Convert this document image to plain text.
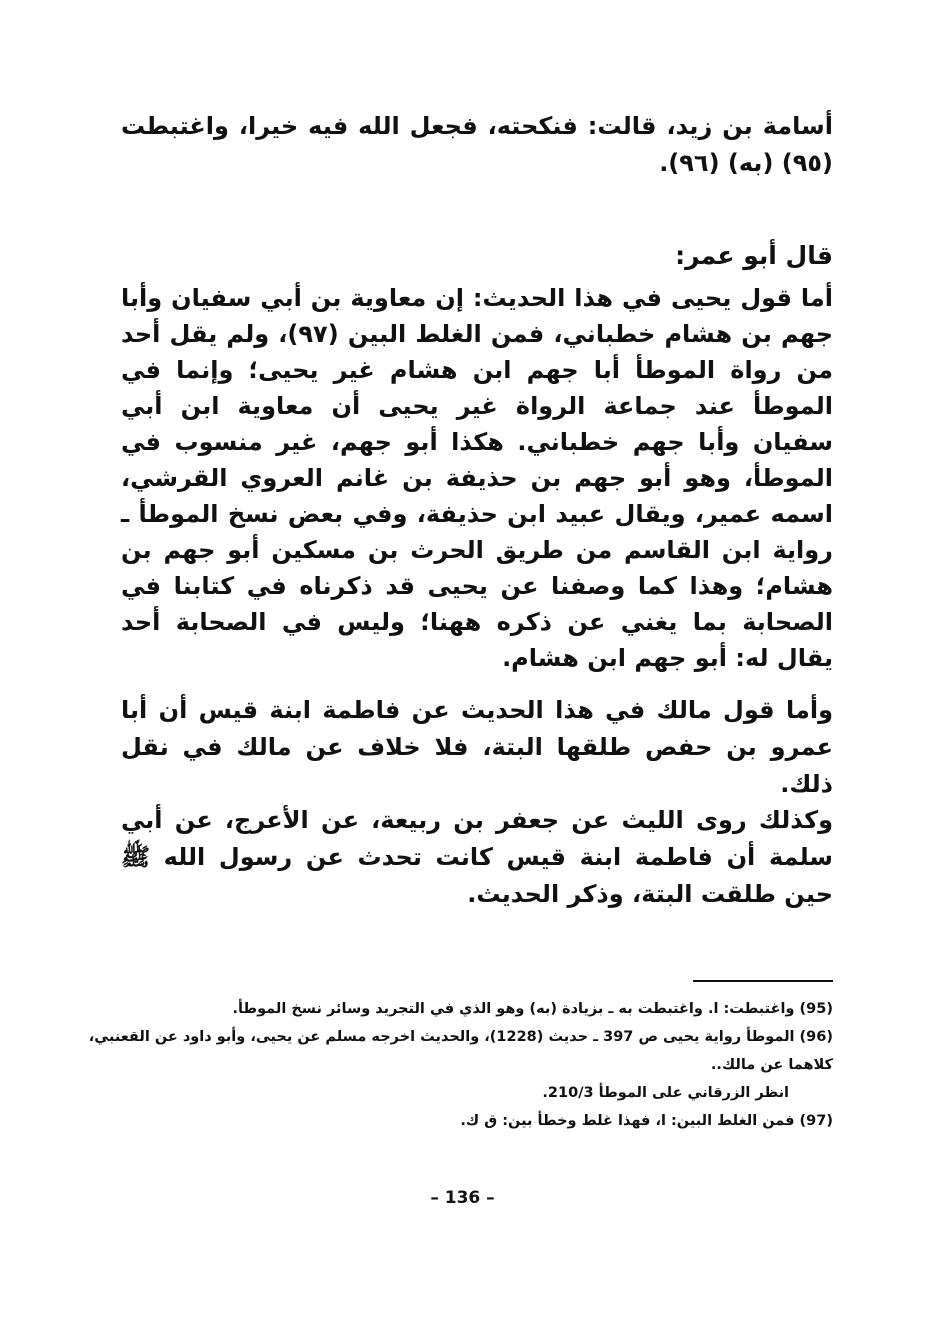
أسامة بن زيد، قالت: فنكحته، فجعل الله فيه خيرا، واغتبطت (٩٥) (به) (٩٦).

قال أبو عمر:

أما قول يحيى في هذا الحديث: إن معاوية بن أبي سفيان وأبا جهم بن هشام خطباني، فمن الغلط البين (٩٧)، ولم يقل أحد من رواة الموطأ أبا جهم ابن هشام غير يحيى؛ وإنما في الموطأ عند جماعة الرواة غير يحيى أن معاوية ابن أبي سفيان وأبا جهم خطباني. هكذا أبو جهم، غير منسوب في الموطأ، وهو أبو جهم بن حذيفة بن غانم العروي القرشي، اسمه عمير، ويقال عبيد ابن حذيفة، وفي بعض نسخ الموطأ ـ رواية ابن القاسم من طريق الحرث بن مسكين أبو جهم بن هشام؛ وهذا كما وصفنا عن يحيى قد ذكرناه في كتابنا في الصحابة بما يغني عن ذكره ههنا؛ وليس في الصحابة أحد يقال له: أبو جهم ابن هشام.

وأما قول مالك في هذا الحديث عن فاطمة ابنة قيس أن أبا عمرو بن حفص طلقها البتة، فلا خلاف عن مالك في نقل ذلك.

وكذلك روى الليث عن جعفر بن ربيعة، عن الأعرج، عن أبي سلمة أن فاطمة ابنة قيس كانت تحدث عن رسول الله ﷺ حين طلقت البتة، وذكر الحديث.

(95) واغتبطت: ا. واغتبطت به ـ بزيادة (به) وهو الذي في التجريد وسائر نسخ الموطأ.
(96) الموطأ رواية يحيى ص 397 ـ حديث (1228)، والحديث اخرجه مسلم عن يحيى، وأبو داود عن القعنبي، كلاهما عن مالك..
انظر الزرقاني على الموطأ 210/3.
(97) فمن الغلط البين: ا، فهذا غلط وخطأ بين: ق ك.
– 136 –
